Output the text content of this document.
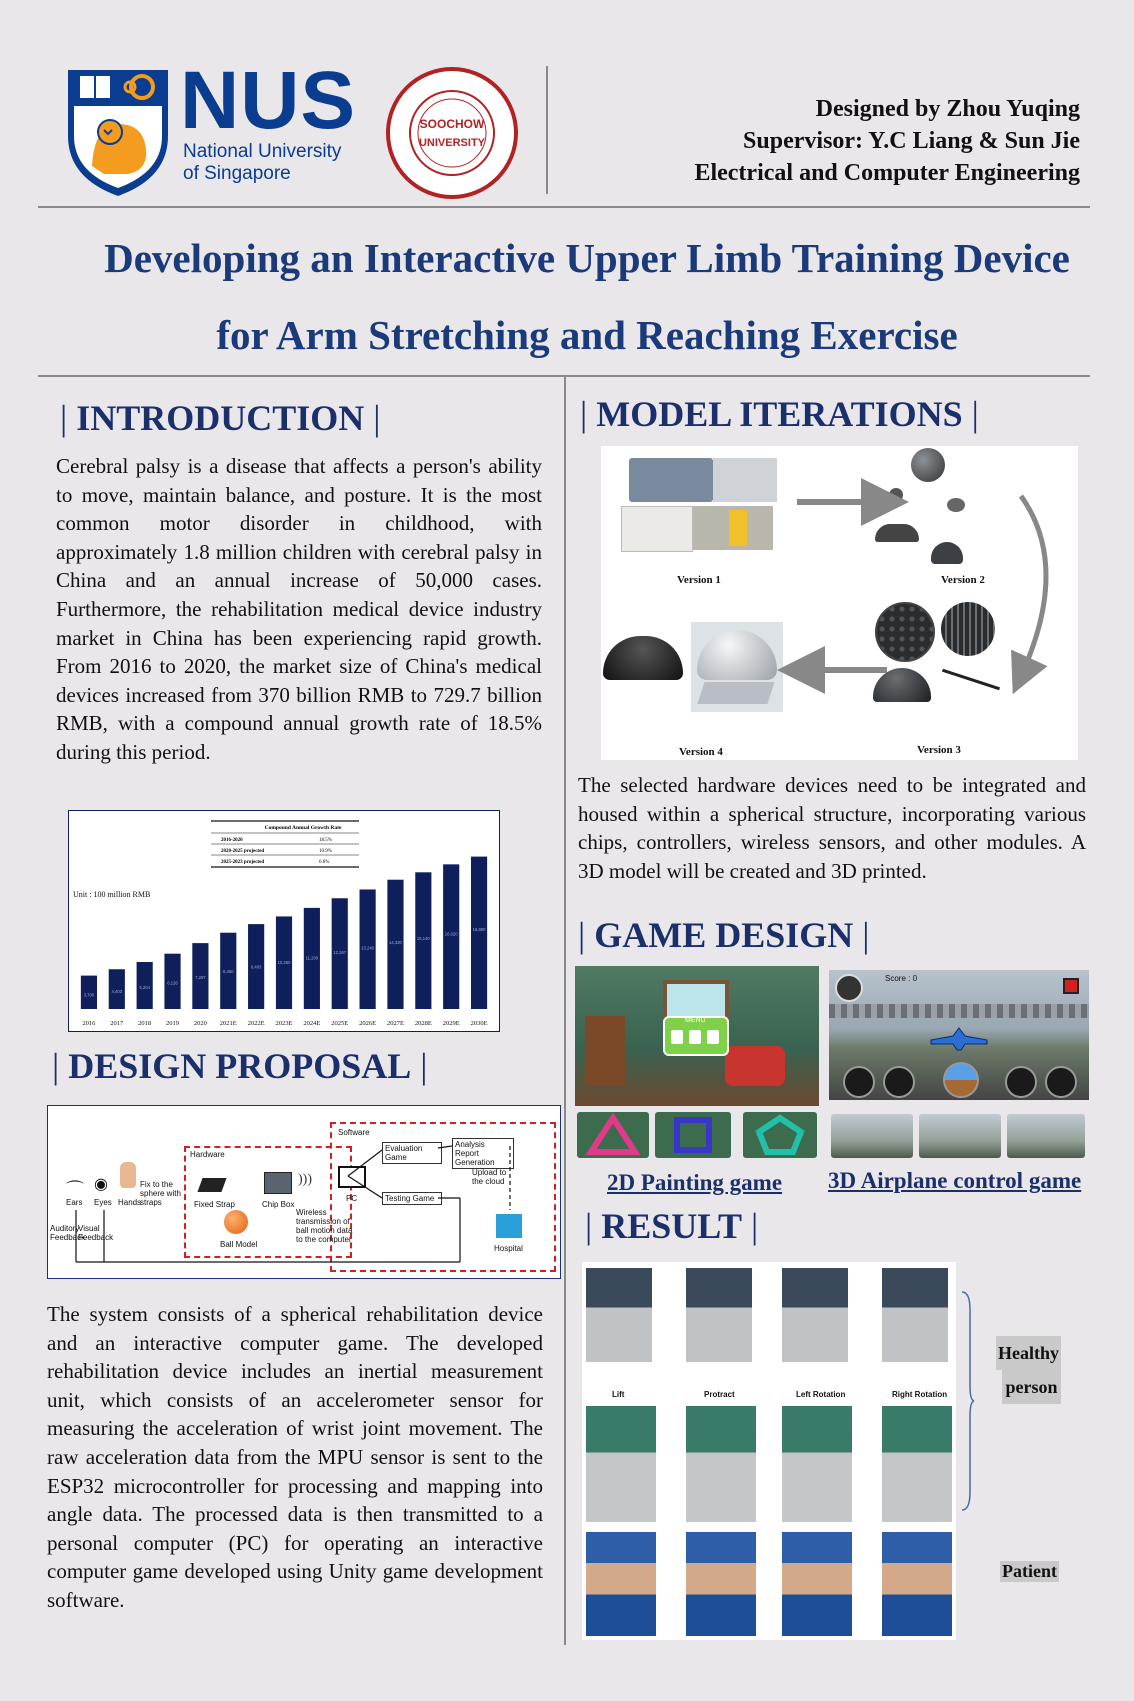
NUS
National University
of Singapore
SOOCHOW
UNIVERSITY
Designed by Zhou Yuqing
Supervisor: Y.C Liang & Sun Jie
Electrical and Computer Engineering
Developing an Interactive Upper Limb Training Device
for Arm Stretching and Reaching Exercise
| INTRODUCTION |
Cerebral palsy is a disease that affects a person's ability to move, maintain balance, and posture. It is the most common motor disorder in childhood, with approximately 1.8 million children with cerebral palsy in China and an annual increase of 50,000 cases. Furthermore, the rehabilitation medical device industry market in China has been experiencing rapid growth. From 2016 to 2020, the market size of China's medical devices increased from 370 billion RMB to 729.7 billion RMB, with a compound annual growth rate of 18.5% during this period.
Unit : 100 million RMB
Compound Annual Growth Rate
2016-2020	18.5%
2020-2025 projected	10.9%
2025-2023 projected	6.6%
3,700
2016
4,403
2017
5,204
2018
6,126
2019
7,297
2020
8,450
2021E
9,403
2022E
10,250
2023E
11,200
2024E
12,267
2025E
13,240
2026E
14,320
2027E
15,140
2028E
16,020
2029E
16,880
2030E
| DESIGN PROPOSAL |
Hardware
Software
⌒
Ears
◉
Eyes Hands
Fix to the sphere with straps	Fixed Strap	Chip Box
Ball Model
)))
PC
Wireless transmission of ball motion data to the computer
Evaluation Game
Analysis Report Generation
Testing Game
Upload to the cloud
Hospital
Auditory Feedback
Visual Feedback
The system consists of a spherical rehabilitation device and an interactive computer game. The developed rehabilitation device includes an inertial measurement unit, which consists of an accelerometer sensor for measuring the acceleration of wrist joint movement. The raw acceleration data from the MPU sensor is sent to the ESP32 microcontroller for processing and mapping into angle data. The processed data is then transmitted to a personal computer (PC) for operating an interactive computer game developed using Unity game development software.
| MODEL ITERATIONS |
Version 1	Version 2
Version 3
Version 4
The selected hardware devices need to be integrated and housed within a spherical structure, incorporating various chips, controllers, wireless sensors, and other modules. A 3D model will be created and 3D printed.
| GAME DESIGN |
MENU
2D Painting game
Score : 0
3D Airplane control game
| RESULT |
Lift	Protract	Left Rotation	Right Rotation
Healthy
person
Patient
